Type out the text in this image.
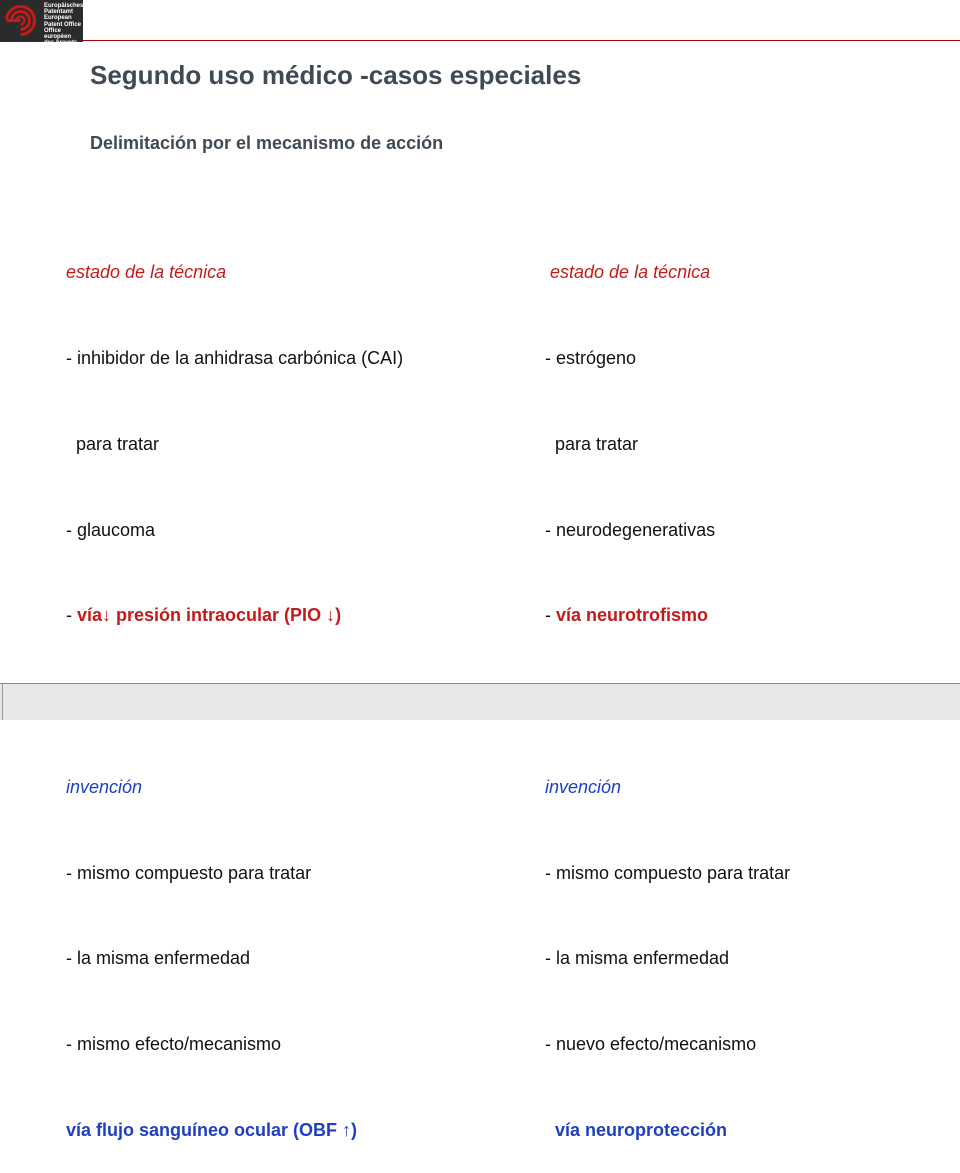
Europäisches
Patentamt
European
Patent Office
Office européen
des brevets
Segundo uso médico -casos especiales
Delimitación por el mecanismo de acción

estado de la técnica

- inhibidor de la anhidrasa carbónica (CAI)

para tratar

- glaucoma

- vía↓ presión intraocular (PIO ↓)

invención

- mismo compuesto para tratar

- la misma enfermedad

- mismo efecto/mecanismo

vía flujo sanguíneo ocular (OBF ↑)

estado de la técnica

- estrógeno

para tratar

- neurodegenerativas

- vía neurotrofismo

invención

- mismo compuesto para tratar

- la misma enfermedad

- nuevo efecto/mecanismo

vía neuroprotección
